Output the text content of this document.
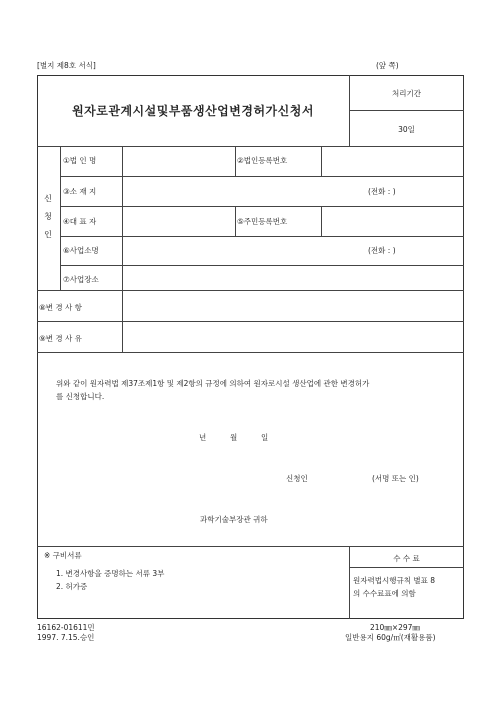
[별지 제8호 서식]	(앞 쪽)
원자로관계시설및부품생산업변경허가신청서
처리기간
30일
신
청
인
①법 인 명	②법인등록번호
③소 재 지	(전화 : )
④대 표 자	⑤주민등록번호
⑥사업소명	(전화 : )
⑦사업장소
⑧변 경 사 항
⑨변 경 사 유
위와 같이 원자력법 제37조제1항 및 제2항의 규정에 의하여 원자로시설 생산업에 관한 변경허가
를 신청합니다.
년	월	일
신청인	(서명 또는 인)
과학기술부장관 귀하
※ 구비서류
1. 변경사항을 증명하는 서류 3부
2. 허가증
수 수 료
원자력법시행규칙 별표 8
의 수수료표에 의함
16162-01611민
1997. 7.15.승인
210㎜×297㎜
일반용지 60g/㎡(재활용품)
